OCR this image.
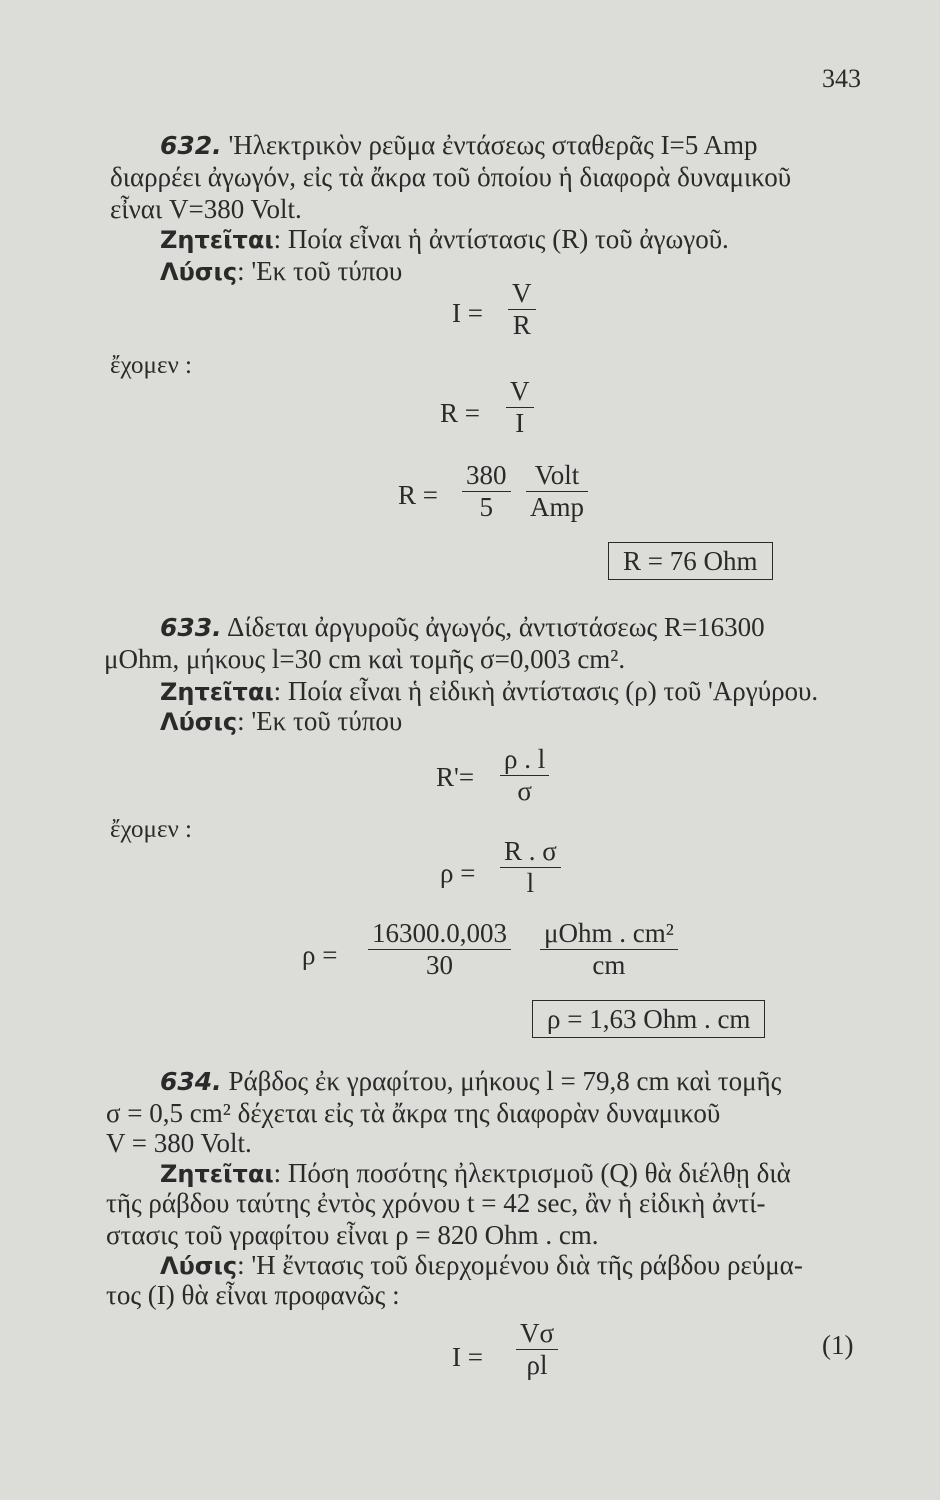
343
632. 'Ηλεκτρικὸν ρεῦμα ἐντάσεως σταθερᾶς I=5 Amp
διαρρέει ἀγωγόν, εἰς τὰ ἄκρα τοῦ ὁποίου ἡ διαφορὰ δυναμικοῦ
εἶναι V=380 Volt.
Ζητεῖται: Ποία εἶναι ἡ ἀντίστασις (R) τοῦ ἀγωγοῦ.
Λύσις: 'Εκ τοῦ τύπου
I =
V
R
ἔχομεν :
R =
V
I
R =
380
5
Volt
Amp
R = 76 Ohm
633. Δίδεται ἀργυροῦς ἀγωγός, ἀντιστάσεως R=16300
μOhm, μήκους l=30 cm καὶ τομῆς σ=0,003 cm².
Ζητεῖται: Ποία εἶναι ἡ εἰδικὴ ἀντίστασις (ρ) τοῦ 'Αργύρου.
Λύσις: 'Εκ τοῦ τύπου
R'=
ρ . l
σ
ἔχομεν :
ρ =
R . σ
l
ρ =
16300.0,003
30
μOhm . cm²
cm
ρ = 1,63 Ohm . cm
634. Ράβδος ἐκ γραφίτου, μήκους l = 79,8 cm καὶ τομῆς
σ = 0,5 cm² δέχεται εἰς τὰ ἄκρα της διαφορὰν δυναμικοῦ
V = 380 Volt.
Ζητεῖται: Πόση ποσότης ἠλεκτρισμοῦ (Q) θὰ διέλθῃ διὰ
τῆς ράβδου ταύτης ἐντὸς χρόνου t = 42 sec, ἂν ἡ εἰδικὴ ἀντί-
στασις τοῦ γραφίτου εἶναι ρ = 820 Ohm . cm.
Λύσις: 'Η ἔντασις τοῦ διερχομένου διὰ τῆς ράβδου ρεύμα-
τος (I) θὰ εἶναι προφανῶς :
I =
Vσ
ρl
(1)
